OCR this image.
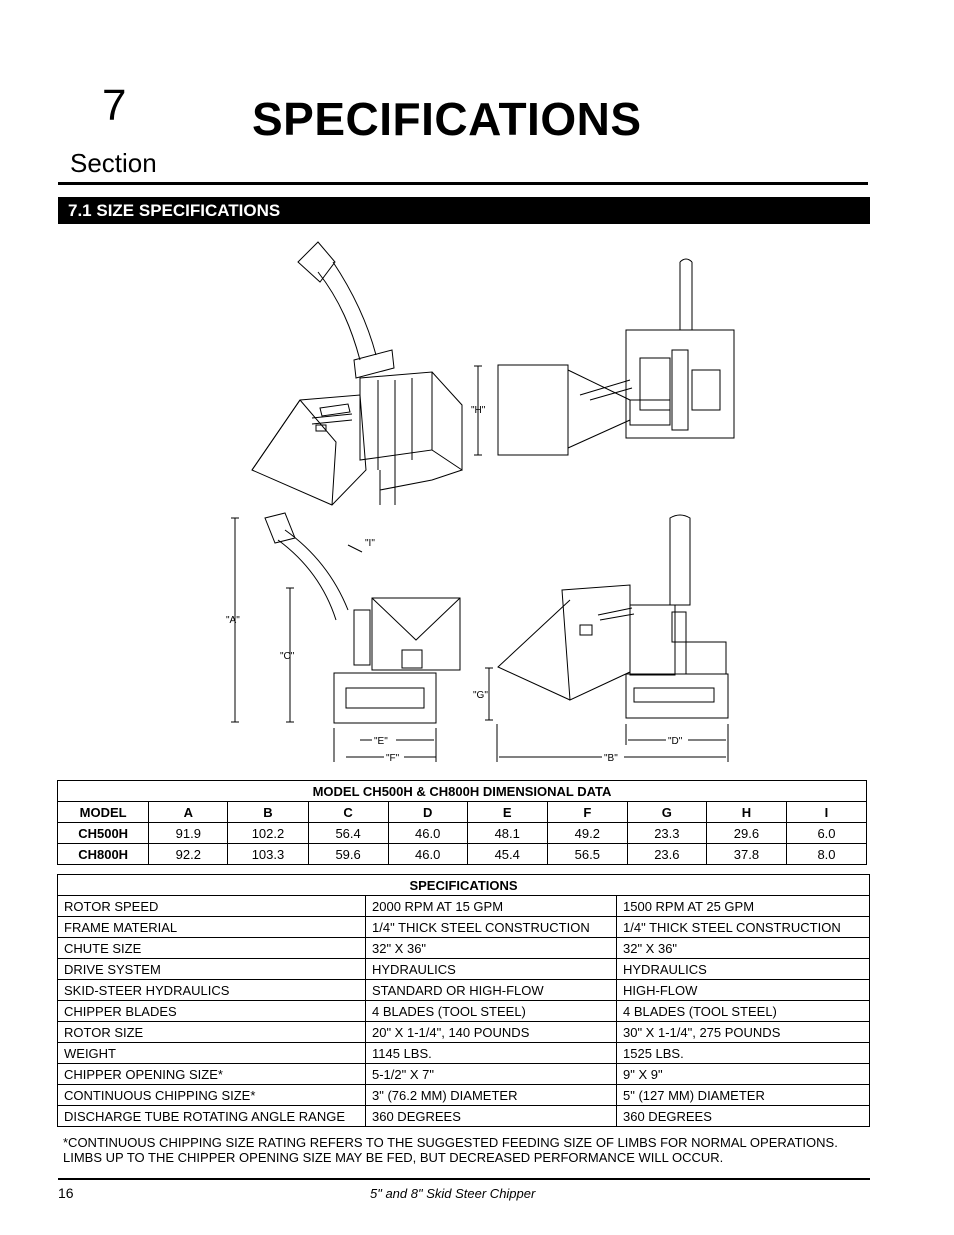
7
Section
SPECIFICATIONS
7.1 SIZE SPECIFICATIONS
"H"
"I"
"A"
"C"
"E"
"F"
"G"
"D"
"B"
MODEL CH500H & CH800H DIMENSIONAL DATA									
MODEL	A	B	C	D	E	F	G	H	I
CH500H	91.9	102.2	56.4	46.0	48.1	49.2	23.3	29.6	6.0
CH800H	92.2	103.3	59.6	46.0	45.4	56.5	23.6	37.8	8.0
SPECIFICATIONS		
ROTOR SPEED	2000 RPM AT 15 GPM	1500 RPM AT 25 GPM
FRAME MATERIAL	1/4" THICK STEEL CONSTRUCTION	1/4" THICK STEEL CONSTRUCTION
CHUTE SIZE	32" X 36"	32" X 36"
DRIVE SYSTEM	HYDRAULICS	HYDRAULICS
SKID-STEER HYDRAULICS	STANDARD OR HIGH-FLOW	HIGH-FLOW
CHIPPER BLADES	4 BLADES (TOOL STEEL)	4 BLADES (TOOL STEEL)
ROTOR SIZE	20" X 1-1/4", 140 POUNDS	30" X 1-1/4", 275 POUNDS
WEIGHT	1145 LBS.	1525 LBS.
CHIPPER OPENING SIZE*	5-1/2" X 7"	9" X 9"
CONTINUOUS CHIPPING SIZE*	3" (76.2 MM) DIAMETER	5" (127 MM) DIAMETER
DISCHARGE TUBE ROTATING ANGLE RANGE	360 DEGREES	360 DEGREES
*CONTINUOUS CHIPPING SIZE RATING REFERS TO THE SUGGESTED FEEDING SIZE OF LIMBS FOR NORMAL OPERATIONS.
LIMBS UP TO THE CHIPPER OPENING SIZE MAY BE FED, BUT DECREASED PERFORMANCE WILL OCCUR.
16	5" and 8" Skid Steer Chipper
